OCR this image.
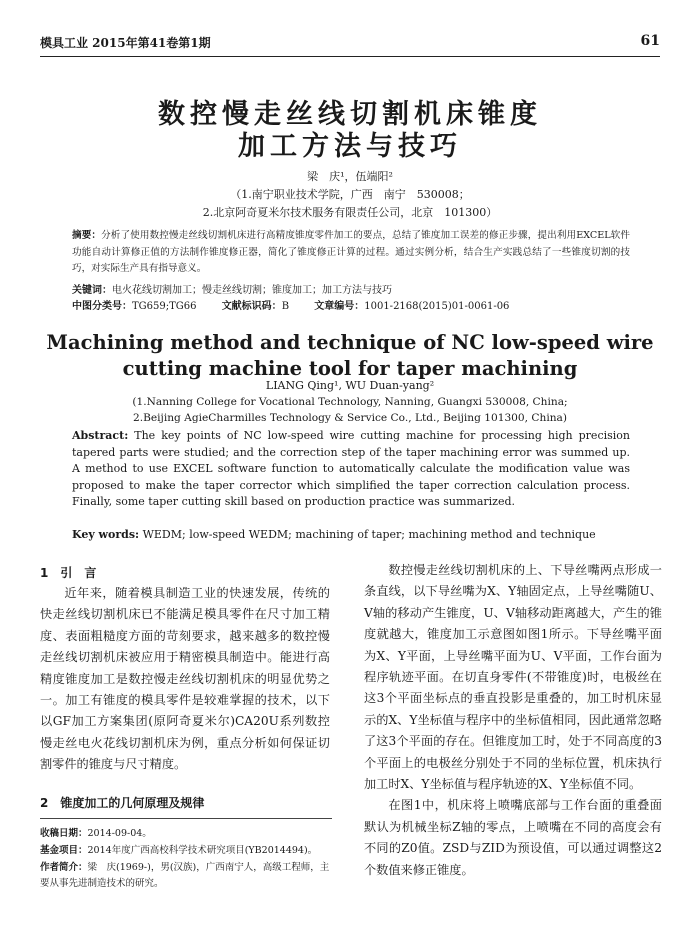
模具工业 2015年第41卷第1期	61
数控慢走丝线切割机床锥度
加工方法与技巧
梁　庆¹，伍端阳²
（1.南宁职业技术学院，广西　南宁　530008；
2.北京阿奇夏米尔技术服务有限责任公司，北京　101300）
摘要：分析了使用数控慢走丝线切割机床进行高精度锥度零件加工的要点，总结了锥度加工误差的修正步骤，提出利用EXCEL软件功能自动计算修正值的方法制作锥度修正器，简化了锥度修正计算的过程。通过实例分析，结合生产实践总结了一些锥度切割的技巧，对实际生产具有指导意义。
关键词：电火花线切割加工；慢走丝线切割；锥度加工；加工方法与技巧
中图分类号：TG659;TG66	文献标识码：B	文章编号：1001-2168(2015)01-0061-06
Machining method and technique of NC low-speed wire cutting machine tool for taper machining
LIANG Qing¹, WU Duan-yang²
(1.Nanning College for Vocational Technology, Nanning, Guangxi 530008, China;
2.Beijing AgieCharmilles Technology & Service Co., Ltd., Beijing 101300, China)
Abstract: The key points of NC low-speed wire cutting machine for processing high precision tapered parts were studied; and the correction step of the taper machining error was summed up. A method to use EXCEL software function to automatically calculate the modification value was proposed to make the taper corrector which simplified the taper correction calculation process. Finally, some taper cutting skill based on production practice was summarized.
Key words: WEDM; low-speed WEDM; machining of taper; machining method and technique
1　引　言

近年来，随着模具制造工业的快速发展，传统的快走丝线切割机床已不能满足模具零件在尺寸加工精度、表面粗糙度方面的苛刻要求，越来越多的数控慢走丝线切割机床被应用于精密模具制造中。能进行高精度锥度加工是数控慢走丝线切割机床的明显优势之一。加工有锥度的模具零件是较难掌握的技术，以下以GF加工方案集团(原阿奇夏米尔)CA20U系列数控慢走丝电火花线切割机床为例，重点分析如何保证切割零件的锥度与尺寸精度。

2　锥度加工的几何原理及规律

数控慢走丝线切割机床的上、下导丝嘴两点形成一条直线，以下导丝嘴为X、Y轴固定点，上导丝嘴随U、V轴的移动产生锥度，U、V轴移动距离越大，产生的锥度就越大，锥度加工示意图如图1所示。下导丝嘴平面为X、Y平面，上导丝嘴平面为U、V平面，工作台面为程序轨迹平面。在切直身零件(不带锥度)时，电极丝在这3个平面坐标点的垂直投影是重叠的，加工时机床显示的X、Y坐标值与程序中的坐标值相同，因此通常忽略了这3个平面的存在。但锥度加工时，处于不同高度的3个平面上的电极丝分别处于不同的坐标位置，机床执行加工时X、Y坐标值与程序轨迹的X、Y坐标值不同。

在图1中，机床将上喷嘴底部与工作台面的重叠面默认为机械坐标Z轴的零点，上喷嘴在不同的高度会有不同的Z0值。ZSD与ZID为预设值，可以通过调整这2个数值来修正锥度。

收稿日期：2014-09-04。
基金项目：2014年度广西高校科学技术研究项目(YB2014494)。
作者简介：梁　庆(1969-)，男(汉族)，广西南宁人，高级工程师，主要从事先进制造技术的研究。
